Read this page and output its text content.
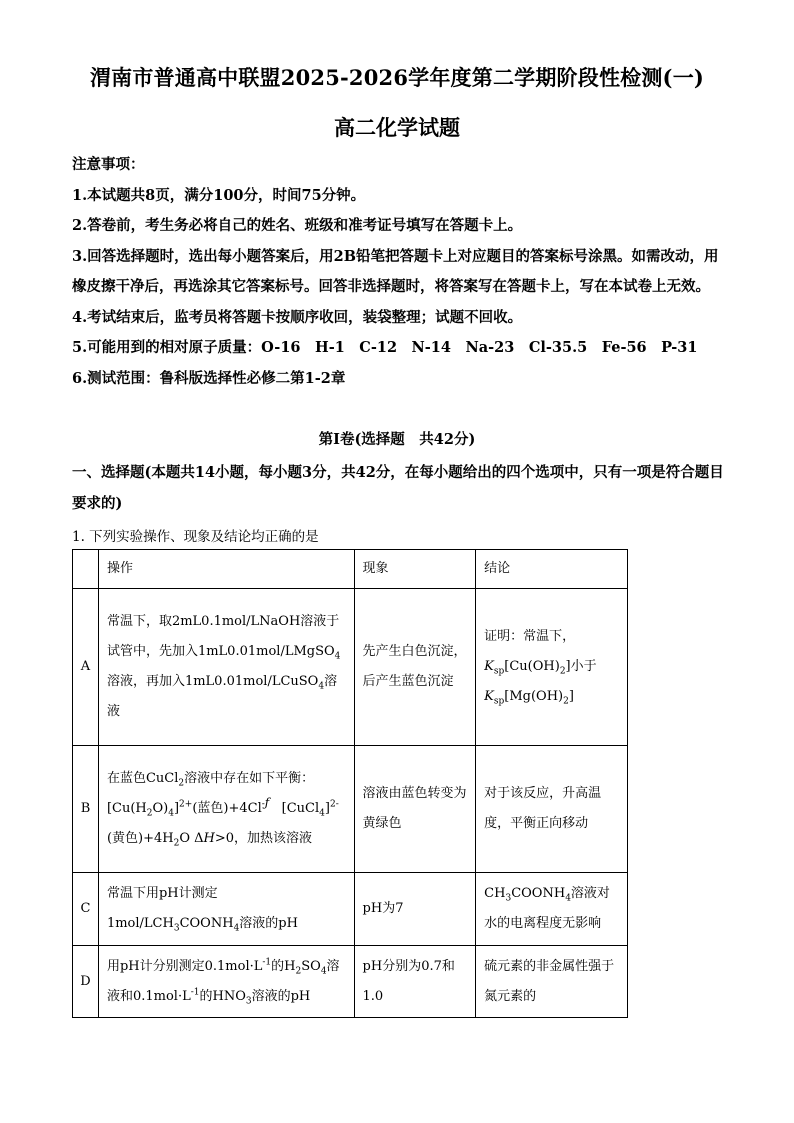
渭南市普通高中联盟2025-2026学年度第二学期阶段性检测(一)
高二化学试题

注意事项：

1.本试题共8页，满分100分，时间75分钟。

2.答卷前，考生务必将自己的姓名、班级和准考证号填写在答题卡上。

3.回答选择题时，选出每小题答案后，用2B铅笔把答题卡上对应题目的答案标号涂黑。如需改动，用橡皮擦干净后，再选涂其它答案标号。回答非选择题时，将答案写在答题卡上，写在本试卷上无效。

4.考试结束后，监考员将答题卡按顺序收回，装袋整理；试题不回收。

5.可能用到的相对原子质量：O-16　H-1　C-12　N-14　Na-23　Cl-35.5　Fe-56　P-31

6.测试范围：鲁科版选择性必修二第1-2章

第Ⅰ卷(选择题　共42分)

一、选择题(本题共14小题，每小题3分，共42分，在每小题给出的四个选项中，只有一项是符合题目要求的)

1. 下列实验操作、现象及结论均正确的是

	操作	现象	结论
A	常温下，取2mL0.1mol/LNaOH溶液于试管中，先加入1mL0.01mol/LMgSO$_4$溶液，再加入1mL0.01mol/LCuSO$_4$溶液	先产生白色沉淀，后产生蓝色沉淀	证明：常温下，
$K_{sp}[Cu(OH)_2]$小于
$K_{sp}[Mg(OH)_2]$
B	在蓝色CuCl$_2$溶液中存在如下平衡：$[Cu(H_2O)_4]^{2+}$(蓝色)$+4Cl^{-ƒ}$ [CuCl$_4$]$^{2-}$(黄色)$+4H_2O$ ΔH>0，加热该溶液	溶液由蓝色转变为黄绿色	对于该反应，升高温度，平衡正向移动
C	常温下用pH计测定$1mol/LCH_3COONH_4$溶液的pH	pH为7	$CH_3COONH_4$溶液对水的电离程度无影响
D	用pH计分别测定$0.1mol\cdot L^{-1}$的$H_2SO_4$溶液和$0.1mol\cdot L^{-1}$的$HNO_3$溶液的pH	pH分别为0.7和1.0	硫元素的非金属性强于氮元素的
